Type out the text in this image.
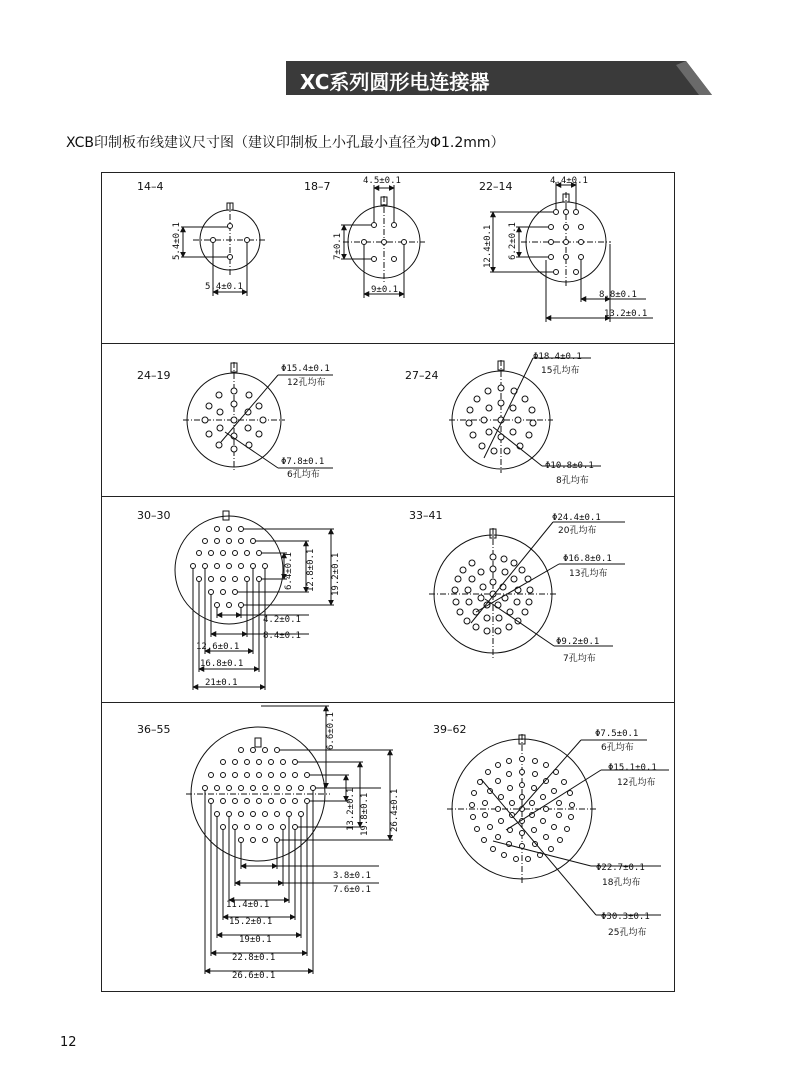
XC系列圆形电连接器
XCB印制板布线建议尺寸图（建议印制板上小孔最小直径为Φ1.2mm）
14–4
5.4±0.1
5.4±0.1
18–7	4.5±0.1
7±0.1
9±0.1
22–14	4.4±0.1
12.4±0.1 6.2±0.1
8.8±0.1
13.2±0.1
24–19	Φ15.4±0.1
12孔均布
Φ7.8±0.1
6孔均布
27–24
Φ18.4±0.1
15孔均布
Φ10.8±0.1
8孔均布
30–30
6.4±0.1 12.8±0.1 19.2±0.1
4.2±0.1
8.4±0.1
12.6±0.1
16.8±0.1
21±0.1
33–41	Φ24.4±0.1
20孔均布
Φ16.8±0.1
13孔均布
Φ9.2±0.1
7孔均布
36–55	6.6±0.1
13.2±0.1 19.8±0.1 26.4±0.1
3.8±0.1
7.6±0.1
11.4±0.1
15.2±0.1
19±0.1
22.8±0.1
26.6±0.1
39–62	Φ7.5±0.1
6孔均布
Φ15.1±0.1
12孔均布
Φ22.7±0.1
18孔均布
Φ30.3±0.1
25孔均布
12
